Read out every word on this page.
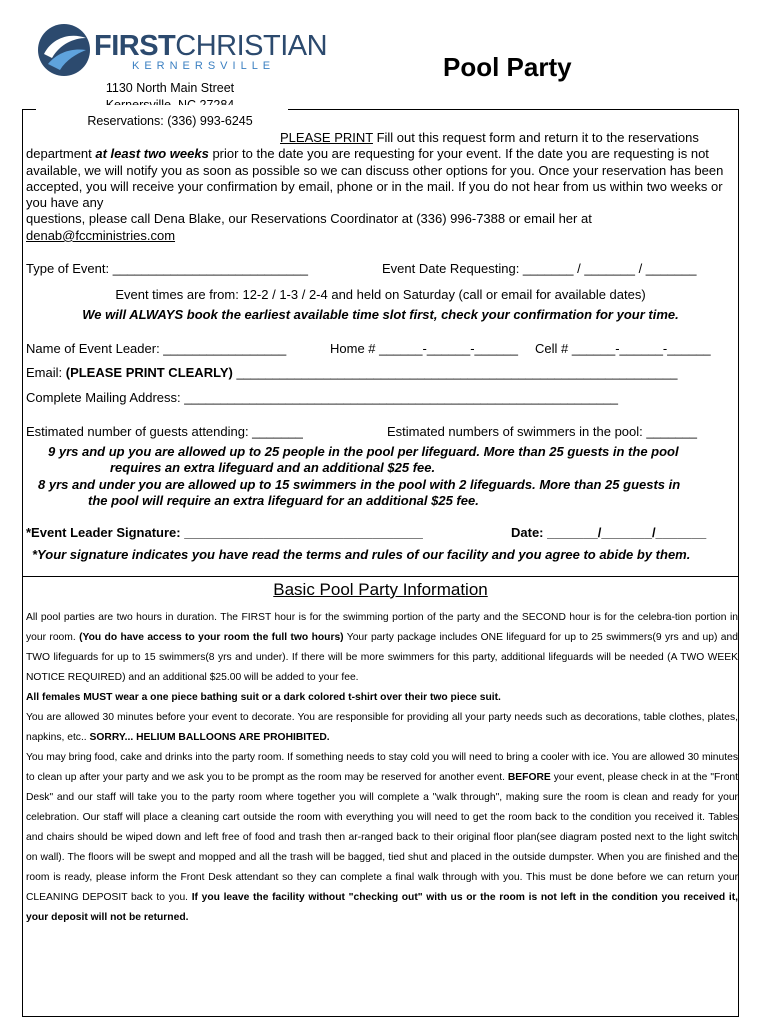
FIRSTCHRISTIAN
KERNERSVILLE	Pool Party
1130 North Main Street
Reservations: (336) 993-6245
PLEASE PRINT Fill out this request form and return it to the reservations department at least two weeks prior to the date you are requesting for your event. If the date you are requesting is not available, we will notify you as soon as possible so we can discuss other options for you. Once your reservation has been accepted, you will receive your confirmation by email, phone or in the mail. If you do not hear from us within two weeks or you have any
questions, please call Dena Blake, our Reservations Coordinator at (336) 996-7388 or email her at
denab@fccministries.com
Type of Event: ___________________________	Event Date Requesting: _______ / _______ / _______
Event times are from: 12-2 / 1-3 / 2-4 and held on Saturday (call or email for available dates)
We will ALWAYS book the earliest available time slot first, check your confirmation for your time.
Name of Event Leader: _________________	Home # ______-______-______ Cell # ______-______-______
Email: (PLEASE PRINT CLEARLY) _____________________________________________________________
Complete Mailing Address: ____________________________________________________________
Estimated number of guests attending: _______	Estimated numbers of swimmers in the pool: _______
9 yrs and up you are allowed up to 25 people in the pool per lifeguard. More than 25 guests in the pool
requires an extra lifeguard and an additional $25 fee.
8 yrs and under you are allowed up to 15 swimmers in the pool with 2 lifeguards. More than 25 guests in
the pool will require an extra lifeguard for an additional $25 fee.
*Event Leader Signature: _________________________________	Date: _______/_______/_______
*Your signature indicates you have read the terms and rules of our facility and you agree to abide by them.
Basic Pool Party Information

All pool parties are two hours in duration. The FIRST hour is for the swimming portion of the party and the SECOND hour is for the celebra-tion portion in your room. (You do have access to your room the full two hours) Your party package includes ONE lifeguard for up to 25 swimmers(9 yrs and up) and TWO lifeguards for up to 15 swimmers(8 yrs and under). If there will be more swimmers for this party, additional lifeguards will be needed (A TWO WEEK NOTICE REQUIRED) and an additional $25.00 will be added to your fee.

All females MUST wear a one piece bathing suit or a dark colored t-shirt over their two piece suit.

You are allowed 30 minutes before your event to decorate. You are responsible for providing all your party needs such as decorations, table clothes, plates, napkins, etc.. SORRY... HELIUM BALLOONS ARE PROHIBITED.

You may bring food, cake and drinks into the party room. If something needs to stay cold you will need to bring a cooler with ice. You are allowed 30 minutes to clean up after your party and we ask you to be prompt as the room may be reserved for another event. BEFORE your event, please check in at the "Front Desk" and our staff will take you to the party room where together you will complete a "walk through", making sure the room is clean and ready for your celebration. Our staff will place a cleaning cart outside the room with everything you will need to get the room back to the condition you received it. Tables and chairs should be wiped down and left free of food and trash then ar-ranged back to their original floor plan(see diagram posted next to the light switch on wall). The floors will be swept and mopped and all the trash will be bagged, tied shut and placed in the outside dumpster. When you are finished and the room is ready, please inform the Front Desk attendant so they can complete a final walk through with you. This must be done before we can return your CLEANING DEPOSIT back to you. If you leave the facility without "checking out" with us or the room is not left in the condition you received it, your deposit will not be returned.
